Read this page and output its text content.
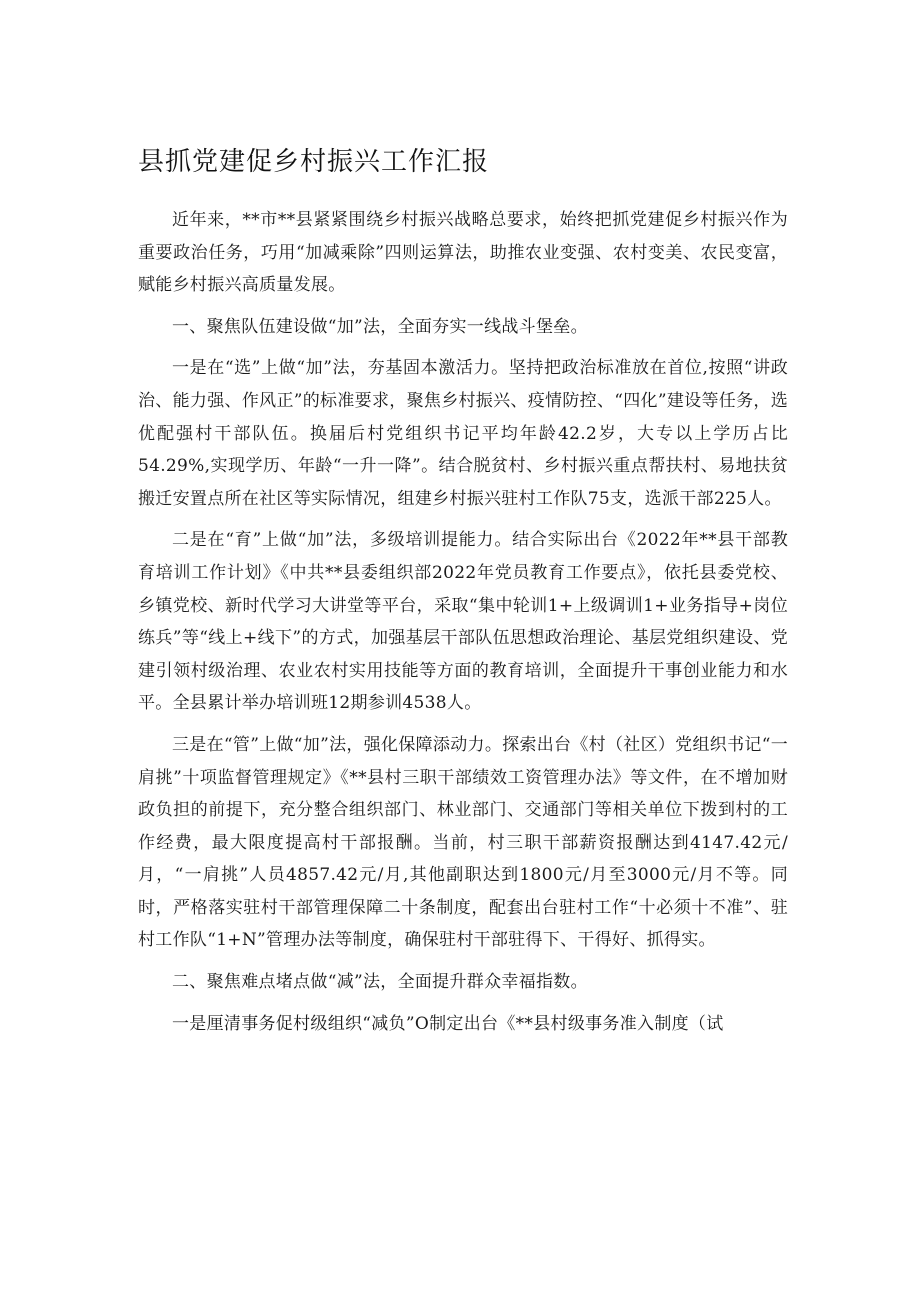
县抓党建促乡村振兴工作汇报

近年来，**市**县紧紧围绕乡村振兴战略总要求，始终把抓党建促乡村振兴作为重要政治任务，巧用“加减乘除”四则运算法，助推农业变强、农村变美、农民变富，赋能乡村振兴高质量发展。

一、聚焦队伍建设做“加”法，全面夯实一线战斗堡垒。

一是在“选”上做“加”法，夯基固本激活力。坚持把政治标准放在首位,按照“讲政治、能力强、作风正”的标准要求，聚焦乡村振兴、疫情防控、“四化”建设等任务，选优配强村干部队伍。换届后村党组织书记平均年龄42.2岁，大专以上学历占比54.29%,实现学历、年龄“一升一降”。结合脱贫村、乡村振兴重点帮扶村、易地扶贫搬迁安置点所在社区等实际情况，组建乡村振兴驻村工作队75支，选派干部225人。

二是在“育”上做“加”法，多级培训提能力。结合实际出台《2022年**县干部教育培训工作计划》《中共**县委组织部2022年党员教育工作要点》，依托县委党校、乡镇党校、新时代学习大讲堂等平台，采取“集中轮训1+上级调训1+业务指导+岗位练兵”等“线上+线下”的方式，加强基层干部队伍思想政治理论、基层党组织建设、党建引领村级治理、农业农村实用技能等方面的教育培训，全面提升干事创业能力和水平。全县累计举办培训班12期参训4538人。

三是在“管”上做“加”法，强化保障添动力。探索出台《村（社区）党组织书记“一肩挑”十项监督管理规定》《**县村三职干部绩效工资管理办法》等文件，在不增加财政负担的前提下，充分整合组织部门、林业部门、交通部门等相关单位下拨到村的工作经费，最大限度提高村干部报酬。当前，村三职干部薪资报酬达到4147.42元/月，“一肩挑”人员4857.42元/月,其他副职达到1800元/月至3000元/月不等。同时，严格落实驻村干部管理保障二十条制度，配套出台驻村工作“十必须十不准”、驻村工作队“1+N”管理办法等制度，确保驻村干部驻得下、干得好、抓得实。

二、聚焦难点堵点做“减”法，全面提升群众幸福指数。

一是厘清事务促村级组织“减负”O制定出台《**县村级事务准入制度（试
